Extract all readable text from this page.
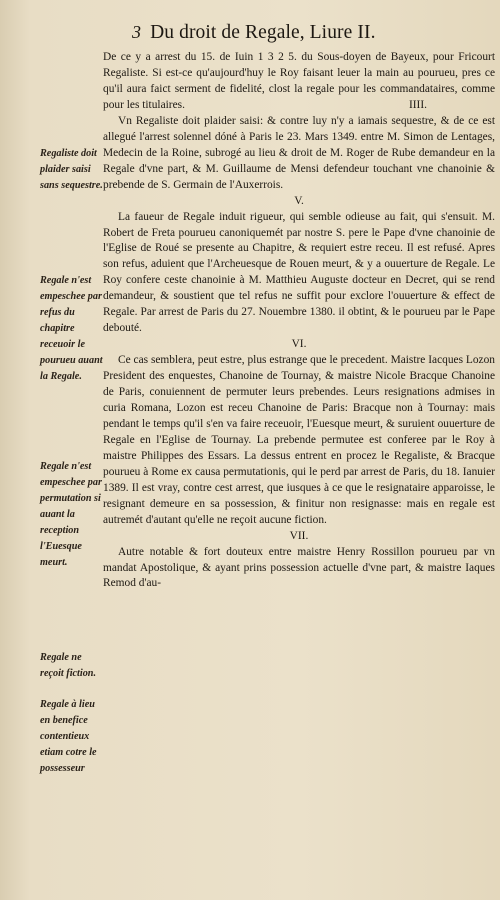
3 Du droit de Regale, Liure II.
Regaliste doit plaider saisi sans sequestre.
Regale n'est empeschee par refus du chapitre receuoir le pourueu auant la Regale.
Regale n'est empeschee par permutation si auant la reception l'Euesque meurt.
Regale ne reçoit fiction.
Regale à lieu en benefice contentieux etiam cotre le possesseur

De ce y a arrest du 15. de Iuin 1 3 2 5. du Sous-doyen de Bayeux, pour Fricourt Regaliste. Si est-ce qu'aujourd'huy le Roy faisant leuer la main au pourueu, pres ce qu'il aura faict serment de fidelité, clost la regale pour les commandataires, comme pour les titulaires.	IIII.

Vn Regaliste doit plaider saisi: & contre luy n'y a iamais sequestre, & de ce est allegué l'arrest solennel dóné à Paris le 23. Mars 1349. entre M. Simon de Lentages, Medecin de la Roine, subrogé au lieu & droit de M. Roger de Rube demandeur en la Regale d'vne part, & M. Guillaume de Mensi defendeur touchant vne chanoinie & prebende de S. Germain de l'Auxerrois.

V.

La faueur de Regale induit rigueur, qui semble odieuse au fait, qui s'ensuit. M. Robert de Freta pourueu canoniquemét par nostre S. pere le Pape d'vne chanoinie de l'Eglise de Roué se presente au Chapitre, & requiert estre receu. Il est refusé. Apres son refus, aduient que l'Archeuesque de Rouen meurt, & y a ouuerture de Regale. Le Roy confere ceste chanoinie à M. Matthieu Auguste docteur en Decret, qui se rend demandeur, & soustient que tel refus ne suffit pour exclore l'ouuerture & effect de Regale. Par arrest de Paris du 27. Nouembre 1380. il obtint, & le pourueu par le Pape debouté.

VI.

Ce cas semblera, peut estre, plus estrange que le precedent. Maistre Iacques Lozon President des enquestes, Chanoine de Tournay, & maistre Nicole Bracque Chanoine de Paris, conuiennent de permuter leurs prebendes. Leurs resignations admises in curia Romana, Lozon est receu Chanoine de Paris: Bracque non à Tournay: mais pendant le temps qu'il s'en va faire receuoir, l'Euesque meurt, & suruient ouuerture de Regale en l'Eglise de Tournay. La prebende permutee est conferee par le Roy à maistre Philippes des Essars. La dessus entrent en procez le Regaliste, & Bracque pourueu à Rome ex causa permutationis, qui le perd par arrest de Paris, du 18. Ianuier 1389. Il est vray, contre cest arrest, que iusques à ce que le resignataire apparoisse, le resignant demeure en sa possession, & finitur non resignasse: mais en regale est autremét d'autant qu'elle ne reçoit aucune fiction.

VII.

Autre notable & fort douteux entre maistre Henry Rossillon pourueu par vn mandat Apostolique, & ayant prins possession actuelle d'vne part, & maistre Iaques Remod d'au-
